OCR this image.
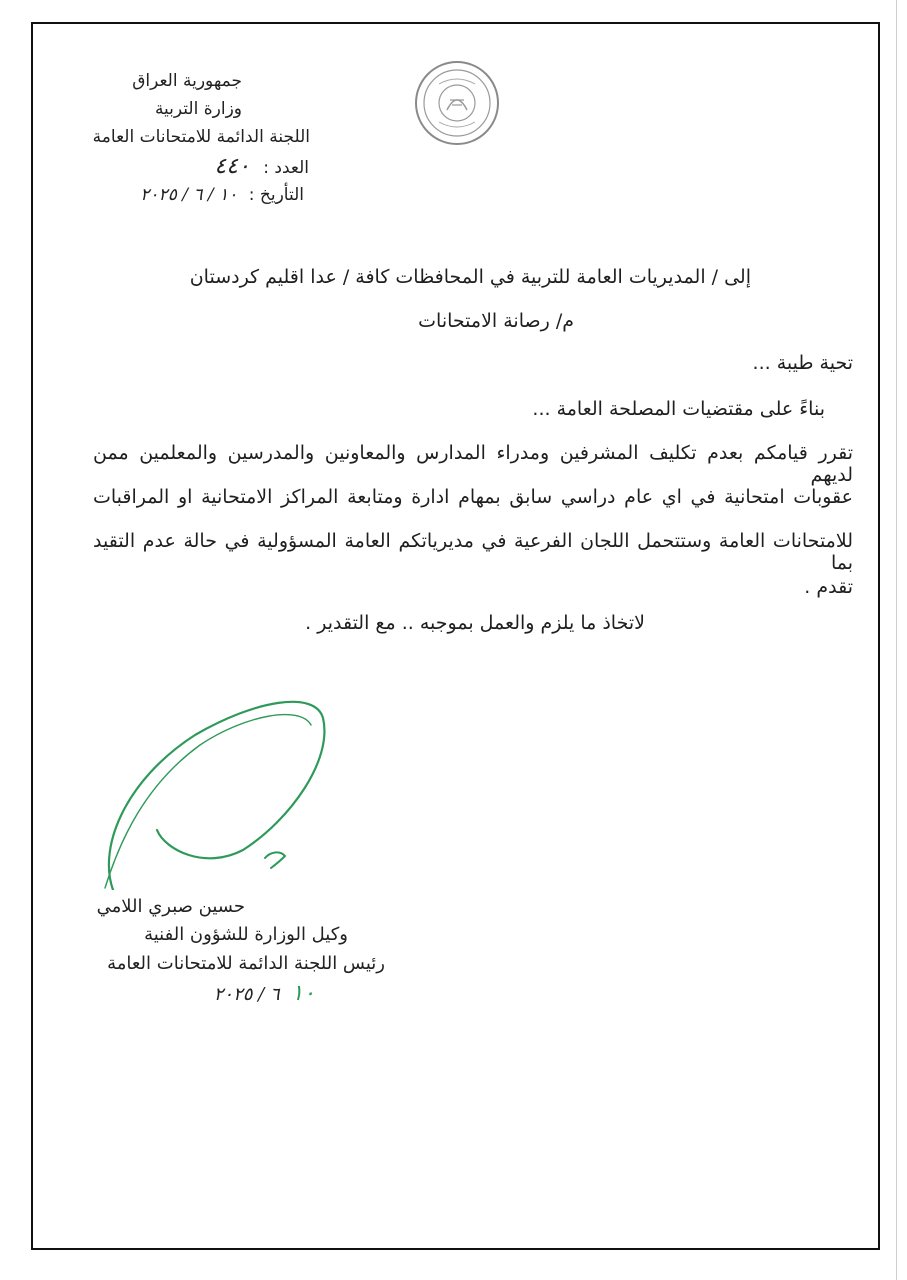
جمهورية العراق
وزارة التربية
اللجنة الدائمة للامتحانات العامة
العدد : ٤٤٠
التأريخ : ١٠ / ٦ / ٢٠٢٥
إلى / المديريات العامة للتربية في المحافظات كافة / عدا اقليم كردستان
م/ رصانة الامتحانات
تحية طيبة ...
بناءً على مقتضيات المصلحة العامة ...
تقرر قيامكم بعدم تكليف المشرفين ومدراء المدارس والمعاونين والمدرسين والمعلمين ممن لديهم
عقوبات امتحانية في اي عام دراسي سابق بمهام ادارة ومتابعة المراكز الامتحانية او المراقبات
للامتحانات العامة وستتحمل اللجان الفرعية في مديرياتكم العامة المسؤولية في حالة عدم التقيد بما
تقدم .
لاتخاذ ما يلزم والعمل بموجبه .. مع التقدير .
حسين صبري اللامي
وكيل الوزارة للشؤون الفنية
رئيس اللجنة الدائمة للامتحانات العامة
١٠ ٦ / ٢٠٢٥
